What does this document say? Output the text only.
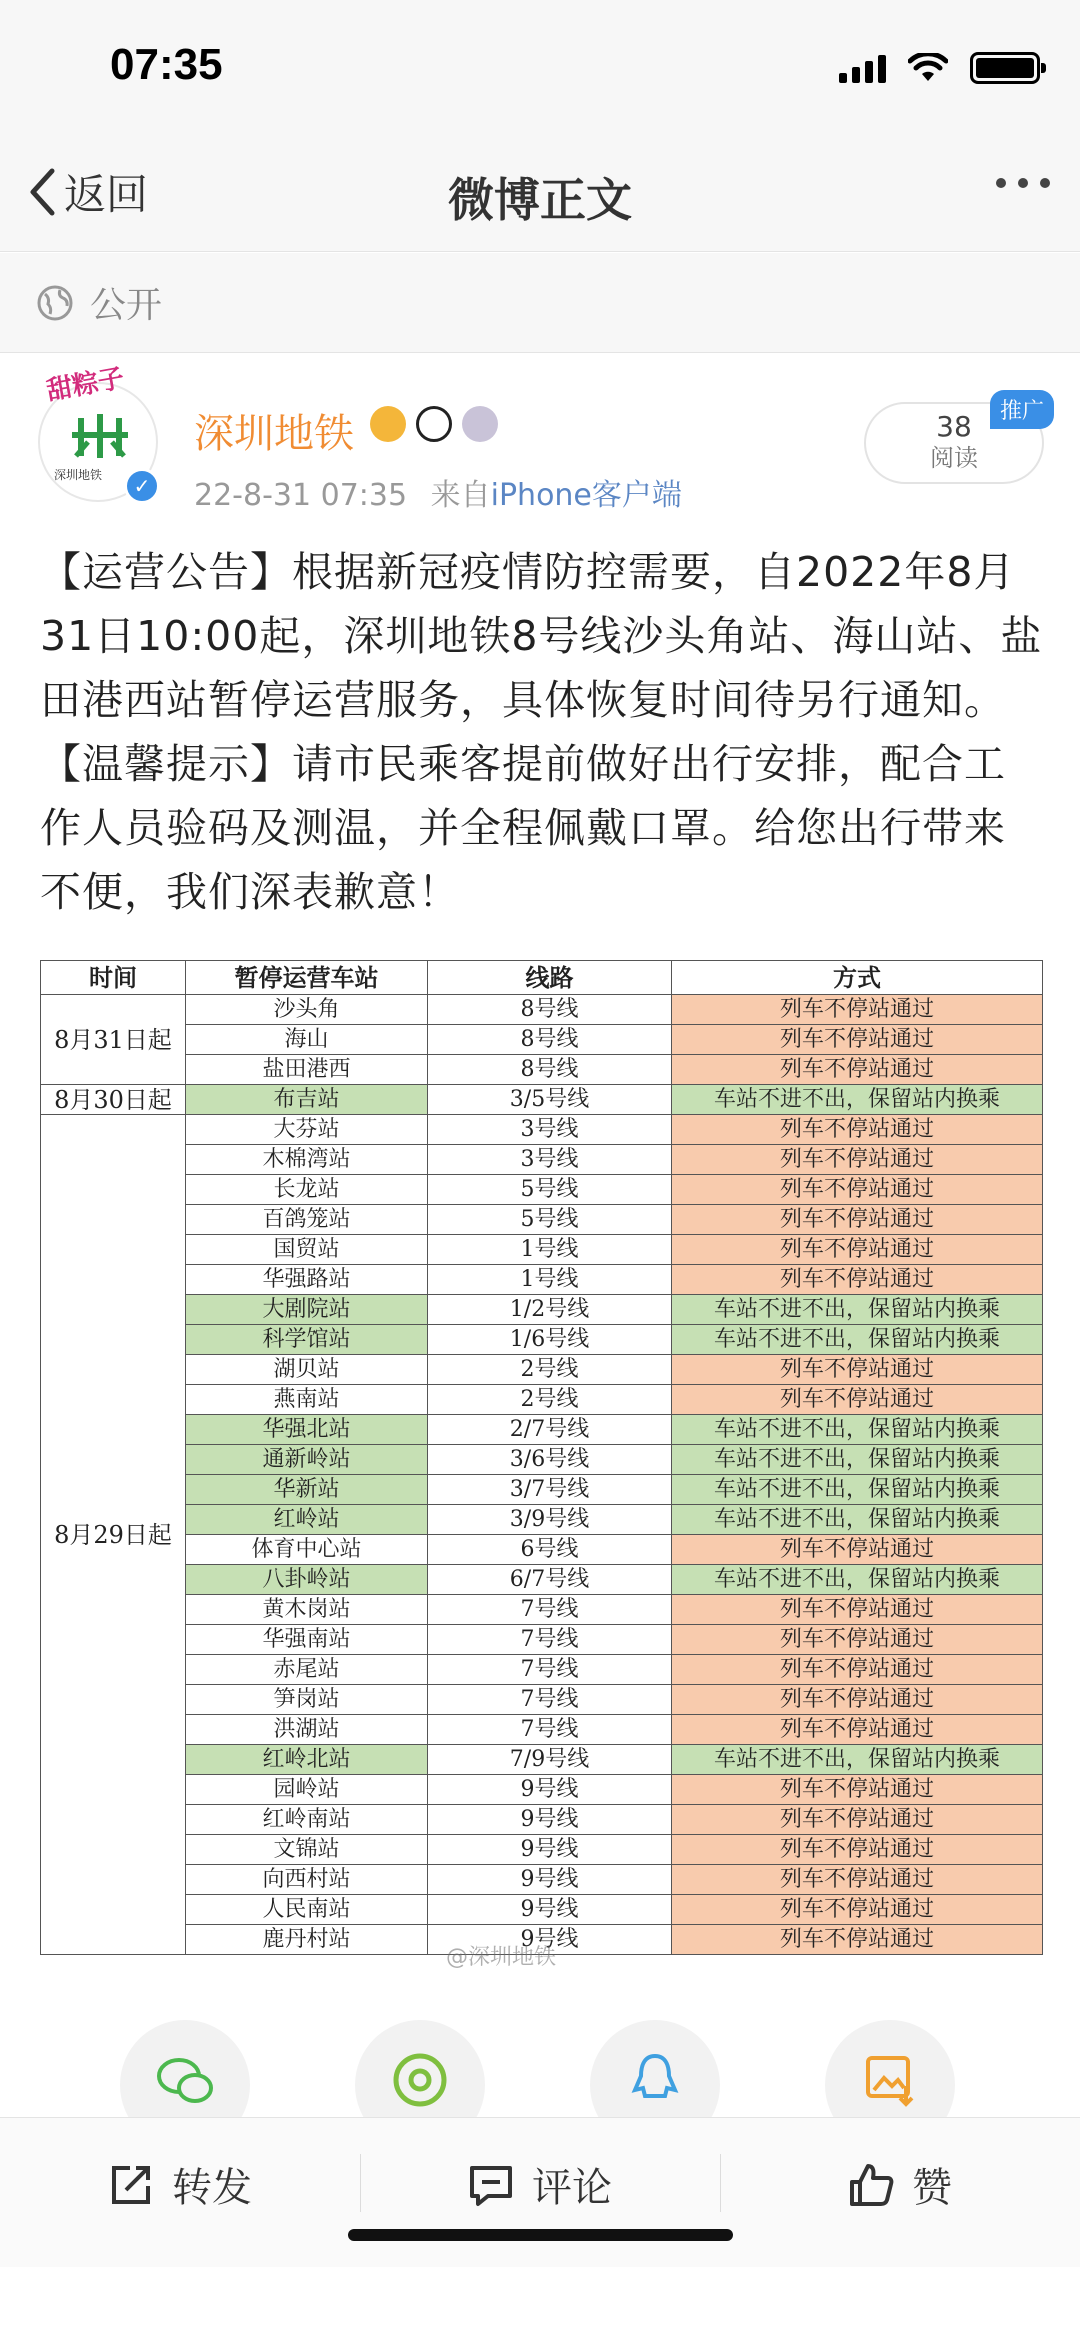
07:35
返回	微博正文
公开
甜粽子
深圳地铁	✓
深圳地铁
22-8-31 07:35 来自iPhone客户端
38
阅读
推广
【运营公告】根据新冠疫情防控需要，自2022年8月31日10:00起，深圳地铁8号线沙头角站、海山站、盐田港西站暂停运营服务，具体恢复时间待另行通知。【温馨提示】请市民乘客提前做好出行安排，配合工作人员验码及测温，并全程佩戴口罩。给您出行带来不便，我们深表歉意！
时间	暂停运营车站	线路	方式
8月31日起	沙头角	8号线	列车不停站通过
	海山	8号线	列车不停站通过
	盐田港西	8号线	列车不停站通过
8月30日起	布吉站	3/5号线	车站不进不出，保留站内换乘
8月29日起	大芬站	3号线	列车不停站通过
	木棉湾站	3号线	列车不停站通过
	长龙站	5号线	列车不停站通过
	百鸽笼站	5号线	列车不停站通过
	国贸站	1号线	列车不停站通过
	华强路站	1号线	列车不停站通过
	大剧院站	1/2号线	车站不进不出，保留站内换乘
	科学馆站	1/6号线	车站不进不出，保留站内换乘
	湖贝站	2号线	列车不停站通过
	燕南站	2号线	列车不停站通过
	华强北站	2/7号线	车站不进不出，保留站内换乘
	通新岭站	3/6号线	车站不进不出，保留站内换乘
	华新站	3/7号线	车站不进不出，保留站内换乘
	红岭站	3/9号线	车站不进不出，保留站内换乘
	体育中心站	6号线	列车不停站通过
	八卦岭站	6/7号线	车站不进不出，保留站内换乘
	黄木岗站	7号线	列车不停站通过
	华强南站	7号线	列车不停站通过
	赤尾站	7号线	列车不停站通过
	笋岗站	7号线	列车不停站通过
	洪湖站	7号线	列车不停站通过
	红岭北站	7/9号线	车站不进不出，保留站内换乘
	园岭站	9号线	列车不停站通过
	红岭南站	9号线	列车不停站通过
	文锦站	9号线	列车不停站通过
	向西村站	9号线	列车不停站通过
	人民南站	9号线	列车不停站通过
	鹿丹村站	9号线	列车不停站通过
@深圳地铁
转发	评论	赞
